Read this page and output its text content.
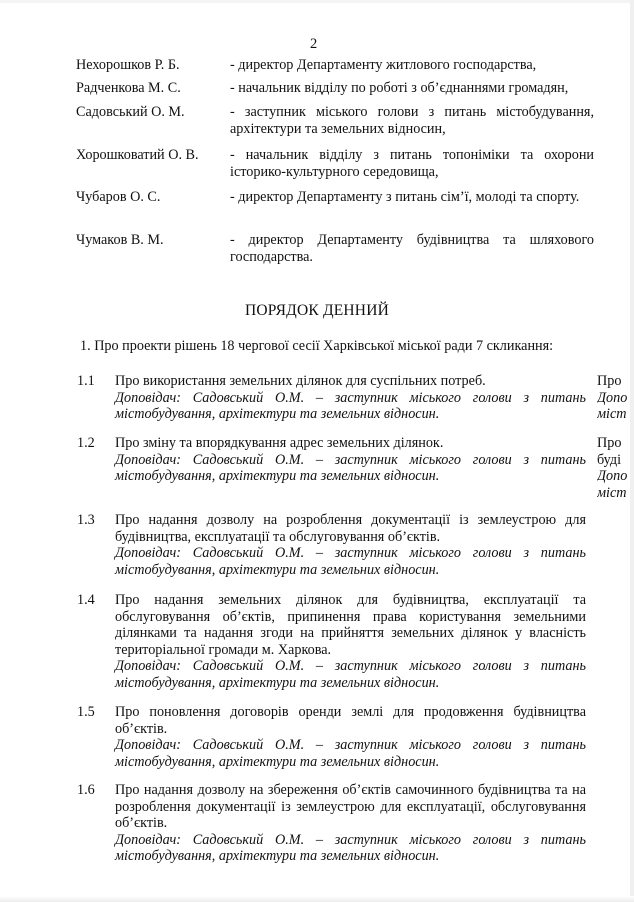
2
Нехорошков Р. Б.	- директор Департаменту житлового господарства,
Радченкова М. С.	- начальник відділу по роботі з об’єднаннями громадян,
Садовський О. М.	- заступник міського голови з питань містобудування, архітектури та земельних відносин,
Хорошковатий О. В.	- начальник відділу з питань топоніміки та охорони історико-культурного середовища,
Чубаров О. С.	- директор Департаменту з питань сім’ї, молоді та спорту.
Чумаков В. М.	- директор Департаменту будівництва та шляхового господарства.
ПОРЯДОК ДЕННИЙ
1. Про проекти рішень 18 чергової сесії Харківської міської ради 7 скликання:
1.1 Про використання земельних ділянок для суспільних потреб.
Доповідач: Садовський О.М. – заступник міського голови з питань містобудування, архітектури та земельних відносин.
1.2 Про зміну та впорядкування адрес земельних ділянок.
Доповідач: Садовський О.М. – заступник міського голови з питань містобудування, архітектури та земельних відносин.
1.3 Про надання дозволу на розроблення документації із землеустрою для будівництва, експлуатації та обслуговування об’єктів.
Доповідач: Садовський О.М. – заступник міського голови з питань містобудування, архітектури та земельних відносин.
1.4 Про надання земельних ділянок для будівництва, експлуатації та обслуговування об’єктів, припинення права користування земельними ділянками та надання згоди на прийняття земельних ділянок у власність територіальної громади м. Харкова.
Доповідач: Садовський О.М. – заступник міського голови з питань містобудування, архітектури та земельних відносин.
1.5 Про поновлення договорів оренди землі для продовження будівництва об’єктів.
Доповідач: Садовський О.М. – заступник міського голови з питань містобудування, архітектури та земельних відносин.
1.6 Про надання дозволу на збереження об’єктів самочинного будівництва та на розроблення документації із землеустрою для експлуатації, обслуговування об’єктів.
Доповідач: Садовський О.М. – заступник міського голови з питань містобудування, архітектури та земельних відносин.
Про
Допо
міст
Про
буді
Допо
міст
